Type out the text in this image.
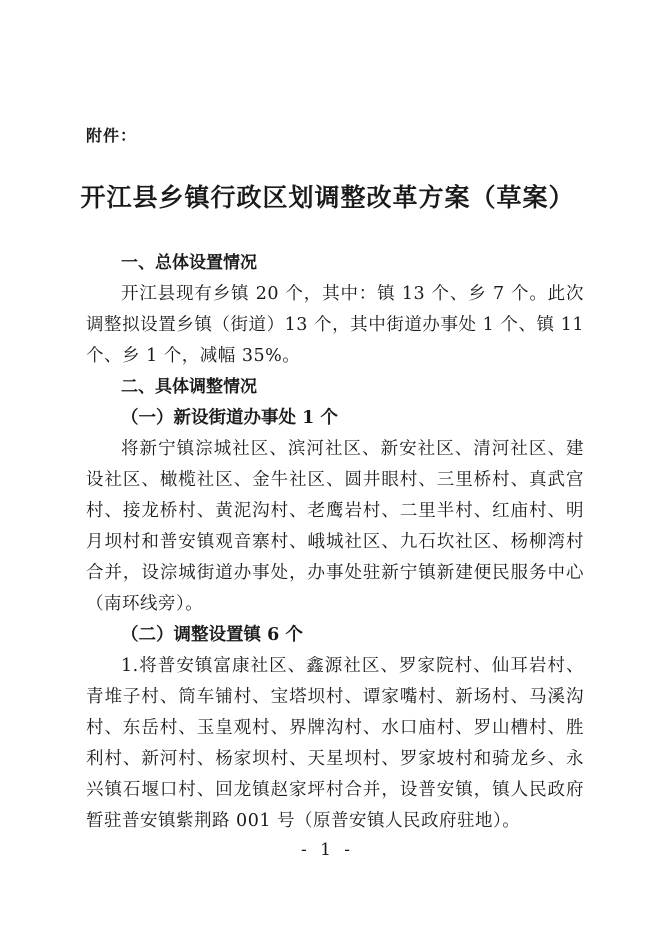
附件：
开江县乡镇行政区划调整改革方案（草案）

一、总体设置情况

开江县现有乡镇 20 个，其中：镇 13 个、乡 7 个。此次调整拟设置乡镇（街道）13 个，其中街道办事处 1 个、镇 11 个、乡 1 个，减幅 35%。

二、具体调整情况

（一）新设街道办事处 1 个

将新宁镇淙城社区、滨河社区、新安社区、清河社区、建设社区、橄榄社区、金牛社区、圆井眼村、三里桥村、真武宫村、接龙桥村、黄泥沟村、老鹰岩村、二里半村、红庙村、明月坝村和普安镇观音寨村、峨城社区、九石坎社区、杨柳湾村合并，设淙城街道办事处，办事处驻新宁镇新建便民服务中心（南环线旁）。

（二）调整设置镇 6 个

1.将普安镇富康社区、鑫源社区、罗家院村、仙耳岩村、青堆子村、筒车铺村、宝塔坝村、谭家嘴村、新场村、马溪沟村、东岳村、玉皇观村、界牌沟村、水口庙村、罗山槽村、胜利村、新河村、杨家坝村、天星坝村、罗家坡村和骑龙乡、永兴镇石堰口村、回龙镇赵家坪村合并，设普安镇，镇人民政府暂驻普安镇紫荆路 001 号（原普安镇人民政府驻地）。

- 1 -
